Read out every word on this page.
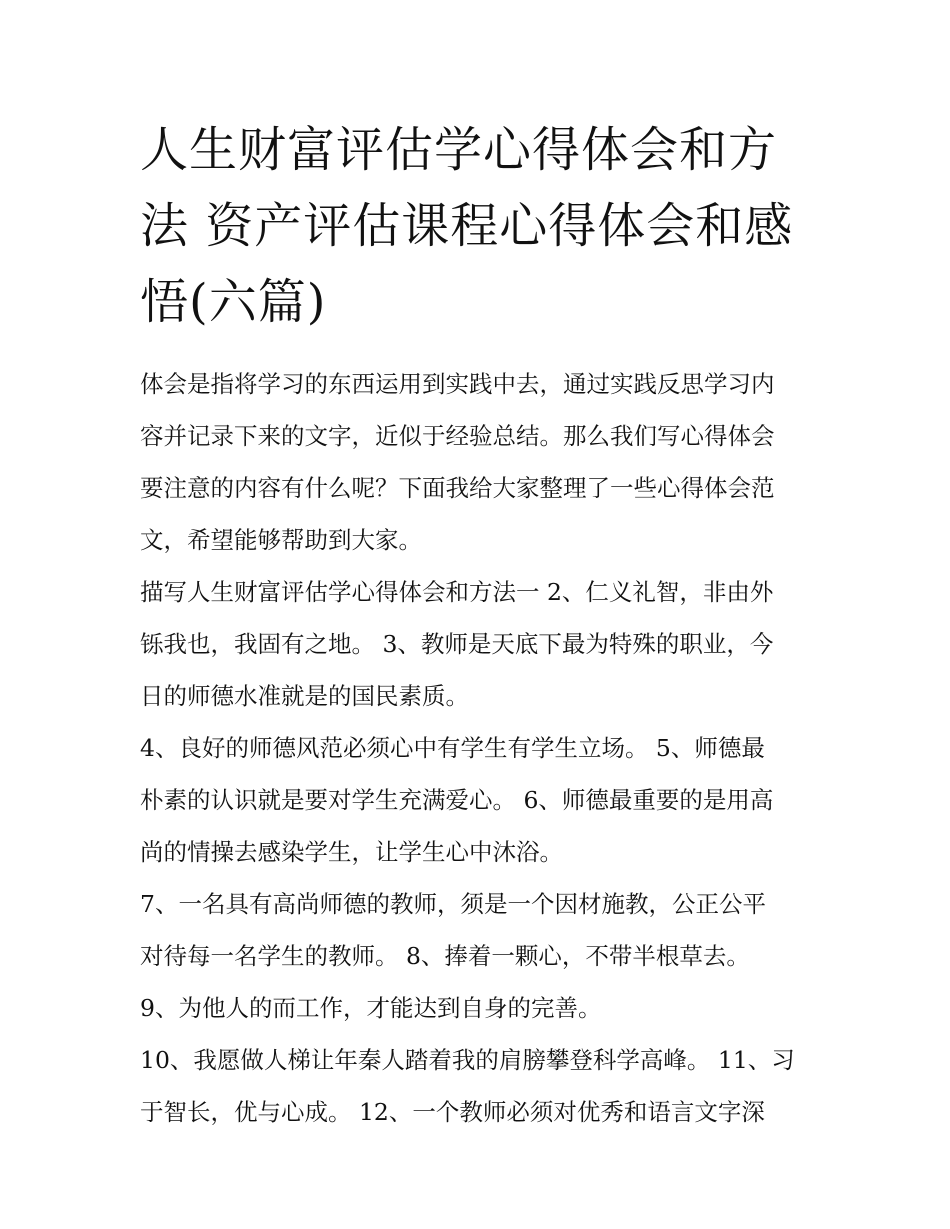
人生财富评估学心得体会和方
法 资产评估课程心得体会和感
悟(六篇)

体会是指将学习的东西运用到实践中去，通过实践反思学习内
容并记录下来的文字，近似于经验总结。那么我们写心得体会
要注意的内容有什么呢？下面我给大家整理了一些心得体会范
文，希望能够帮助到大家。

描写人生财富评估学心得体会和方法一 2、仁义礼智，非由外
铄我也，我固有之地。 3、教师是天底下最为特殊的职业，今
日的师德水准就是的国民素质。

4、良好的师德风范必须心中有学生有学生立场。 5、师德最
朴素的认识就是要对学生充满爱心。 6、师德最重要的是用高
尚的情操去感染学生，让学生心中沐浴。

7、一名具有高尚师德的教师，须是一个因材施教，公正公平
对待每一名学生的教师。 8、捧着一颗心，不带半根草去。

9、为他人的而工作，才能达到自身的完善。

10、我愿做人梯让年秦人踏着我的肩膀攀登科学高峰。 11、习
于智长，优与心成。 12、一个教师必须对优秀和语言文字深
